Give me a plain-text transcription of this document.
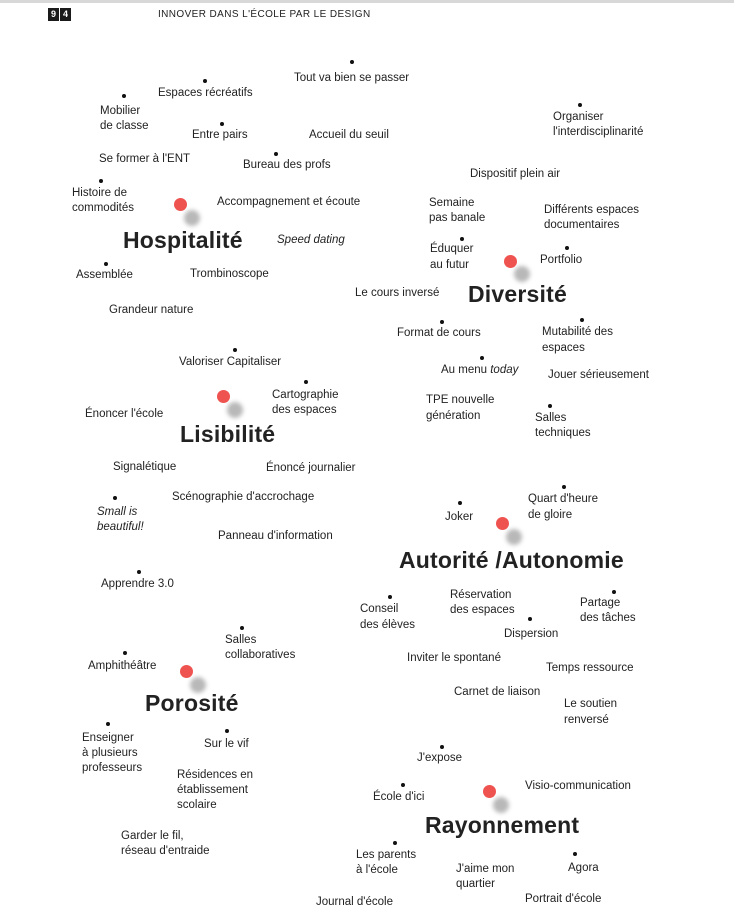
9 4	INNOVER DANS L'ÉCOLE PAR LE DESIGN
Tout va bien se passer
Espaces récréatifs
Mobilier
de classe
Entre pairs	Accueil du seuil
Se former à l'ENT	Bureau des profs
Histoire de
commodités	Accompagnement et écoute
Hospitalité	Speed dating
Assemblée	Trombinoscope
Grandeur nature
Organiser
l'interdisciplinarité
Dispositif plein air
Semaine
pas banale
Différents espaces
documentaires
Éduquer
au futur	Portfolio
Le cours inversé Diversité
Format de cours	Mutabilité des
espaces
Au menu today	Jouer sérieusement
TPE nouvelle
génération	Salles
techniques
Valoriser Capitaliser
Cartographie
des espaces
Énoncer l'école
Lisibilité
Signalétique	Énoncé journalier
Scénographie d'accrochage
Small is
beautiful!
Panneau d'information
Apprendre 3.0
Quart d'heure
de gloire
Joker
Autorité /Autonomie
Réservation
des espaces
Partage
des tâches
Conseil
des élèves
Dispersion
Inviter le spontané
Temps ressource
Carnet de liaison
Le soutien
renversé
Salles
collaboratives
Amphithéâtre
Porosité
Enseigner
à plusieurs
professeurs
Sur le vif
Résidences en
établissement
scolaire
Garder le fil,
réseau d'entraide
J'expose
Visio-communication
École d'ici
Rayonnement
Les parents
à l'école	Agora
J'aime mon
quartier
Portrait d'école
Journal d'école
